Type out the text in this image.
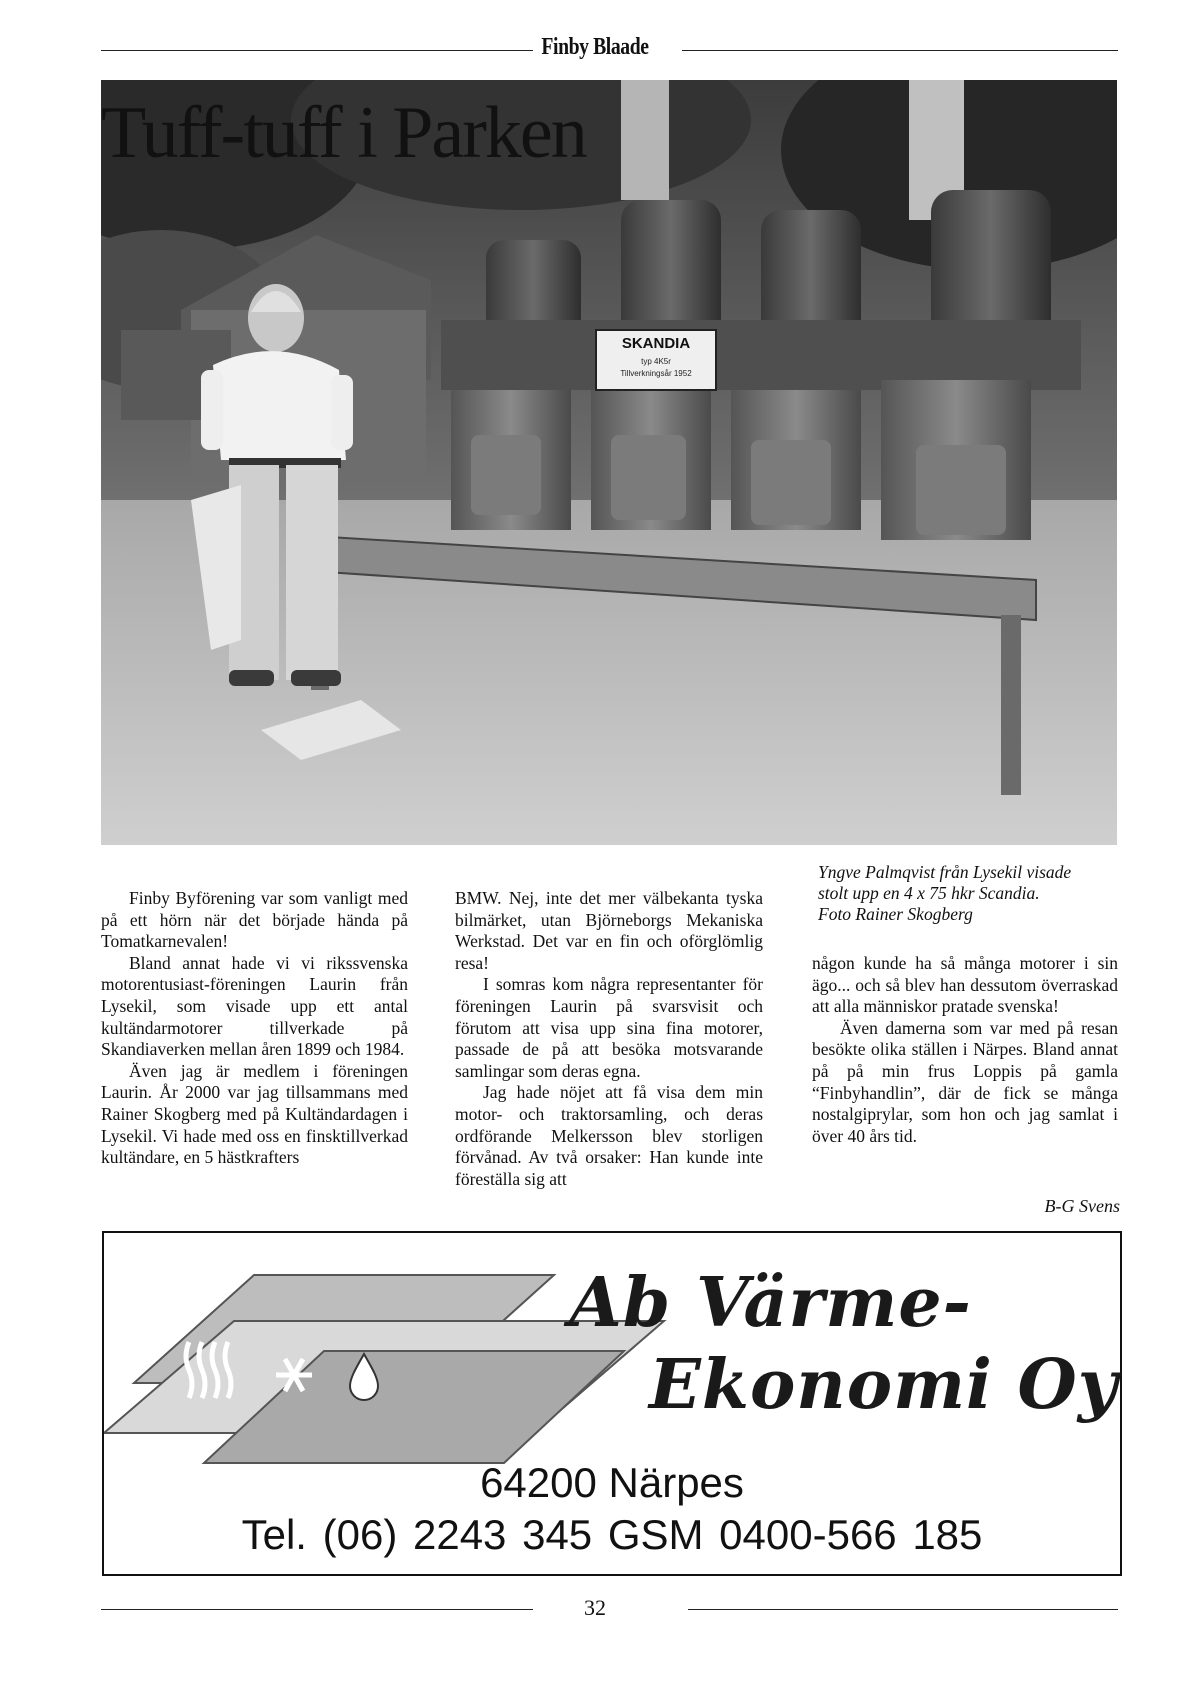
Finby Blaade
SKANDIA
typ 4K5r
Tillverkningsår 1952
Tuff-tuff i Parken

Finby Byförening var som vanligt med på ett hörn när det började hända på Tomatkarnevalen!

Bland annat hade vi vi rikssvenska motorentusiast-föreningen Laurin från Lysekil, som visade upp ett antal kultändarmotorer tillverkade på Skandiaverken mellan åren 1899 och 1984.

Även jag är medlem i föreningen Laurin. År 2000 var jag tillsammans med Rainer Skogberg med på Kultändardagen i Lysekil. Vi hade med oss en finsktillverkad kultändare, en 5 hästkrafters

BMW. Nej, inte det mer välbekanta tyska bilmärket, utan Björneborgs Mekaniska Werkstad. Det var en fin och oförglömlig resa!

I somras kom några representanter för föreningen Laurin på svarsvisit och förutom att visa upp sina fina motorer, passade de på att besöka motsvarande samlingar som deras egna.

Jag hade nöjet att få visa dem min motor- och traktorsamling, och deras ordförande Melkersson blev storligen förvånad. Av två orsaker: Han kunde inte föreställa sig att

Yngve Palmqvist från Lysekil visade
stolt upp en 4 x 75 hkr Scandia.
Foto Rainer Skogberg

någon kunde ha så många motorer i sin ägo... och så blev han dessutom överraskad att alla människor pratade svenska!

Även damerna som var med på resan besökte olika ställen i Närpes. Bland annat på på min frus Loppis på gamla “Finbyhandlin”, där de fick se många nostalgiprylar, som hon och jag samlat i över 40 års tid.

B-G Svens
Ab Värme-
Ekonomi Oy
64200 Närpes
Tel. (06) 2243 345 GSM 0400-566 185
32
